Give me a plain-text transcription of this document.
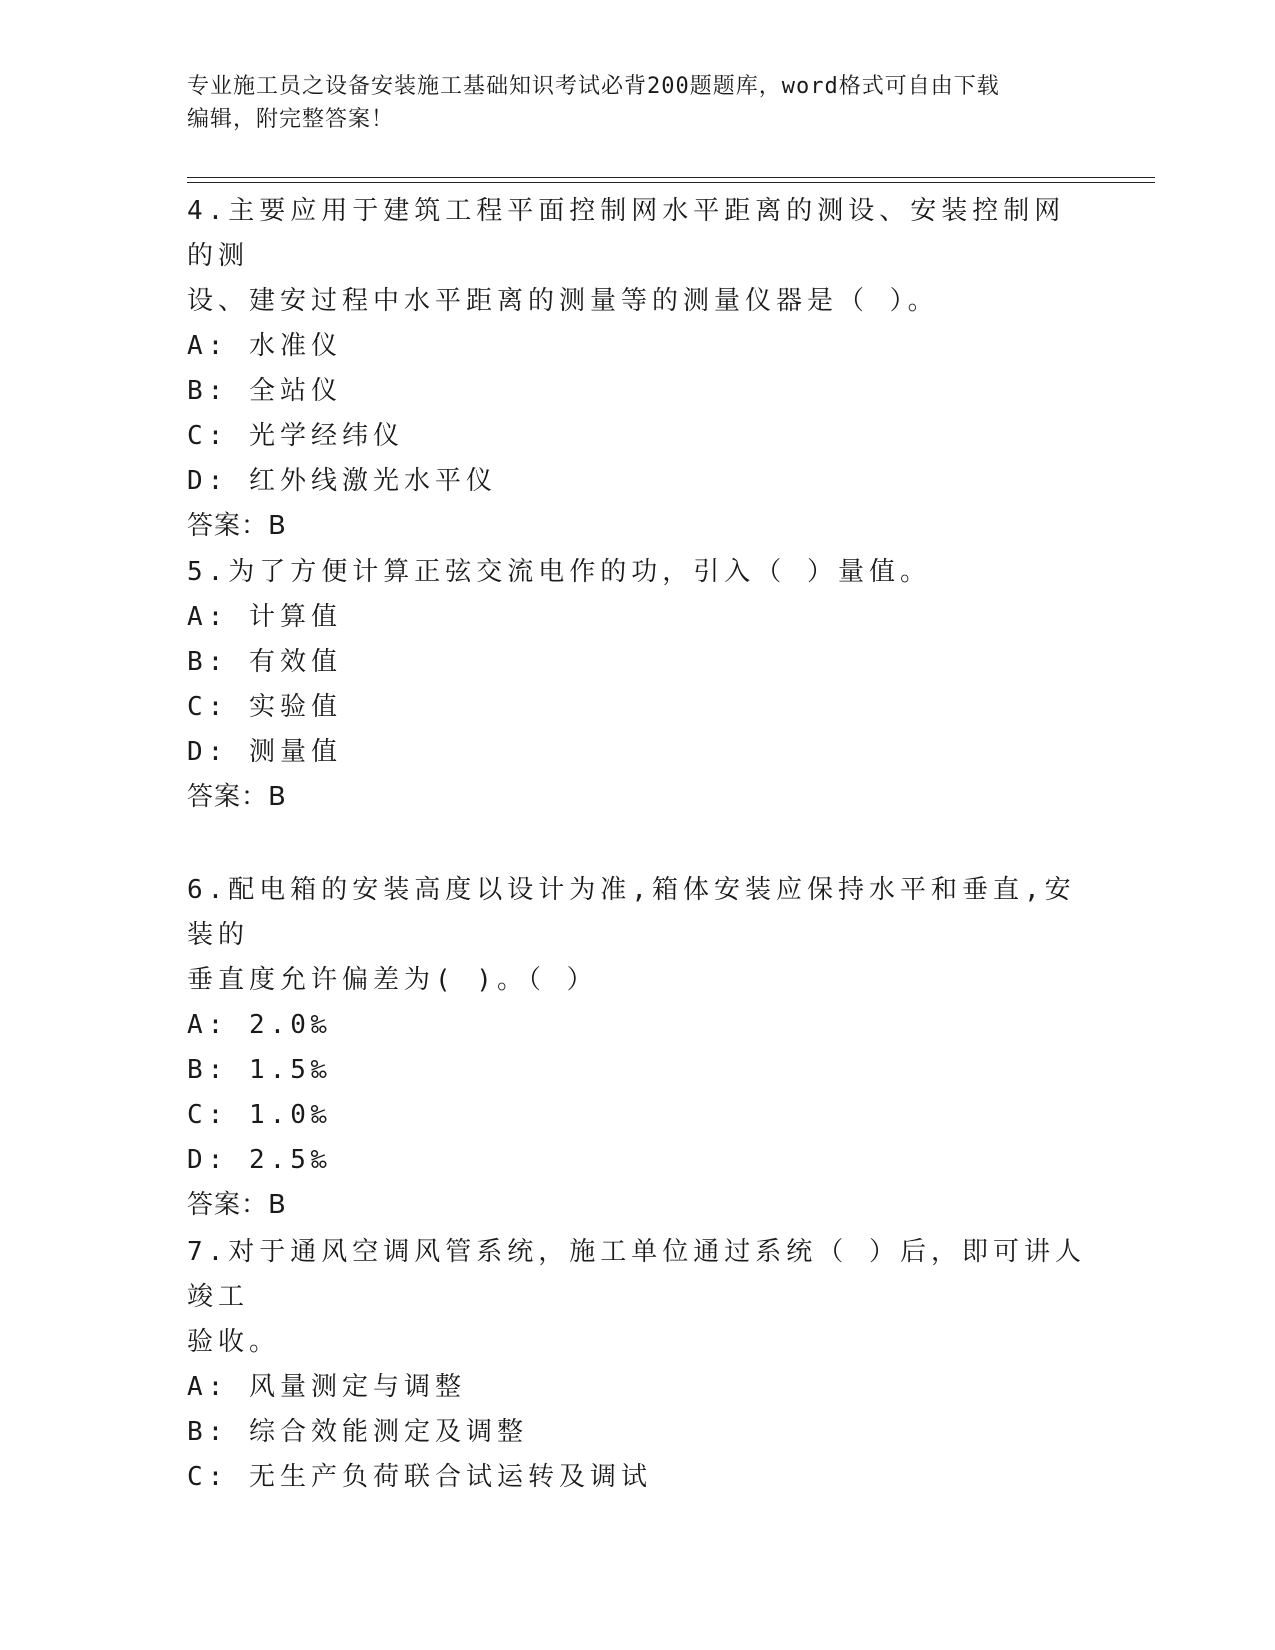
专业施工员之设备安装施工基础知识考试必背200题题库，word格式可自由下载
编辑，附完整答案！
4.主要应用于建筑工程平面控制网水平距离的测设、安装控制网的测
设、建安过程中水平距离的测量等的测量仪器是（ ）。
A: 水准仪
B: 全站仪
C: 光学经纬仪
D: 红外线激光水平仪
答案：B
5.为了方便计算正弦交流电作的功，引入（ ）量值。
A: 计算值
B: 有效值
C: 实验值
D: 测量值
答案：B
6.配电箱的安装高度以设计为准,箱体安装应保持水平和垂直,安装的
垂直度允许偏差为( )。（ ）
A: 2.0‰
B: 1.5‰
C: 1.0‰
D: 2.5‰
答案：B
7.对于通风空调风管系统，施工单位通过系统（ ）后，即可讲人竣工
验收。
A: 风量测定与调整
B: 综合效能测定及调整
C: 无生产负荷联合试运转及调试
